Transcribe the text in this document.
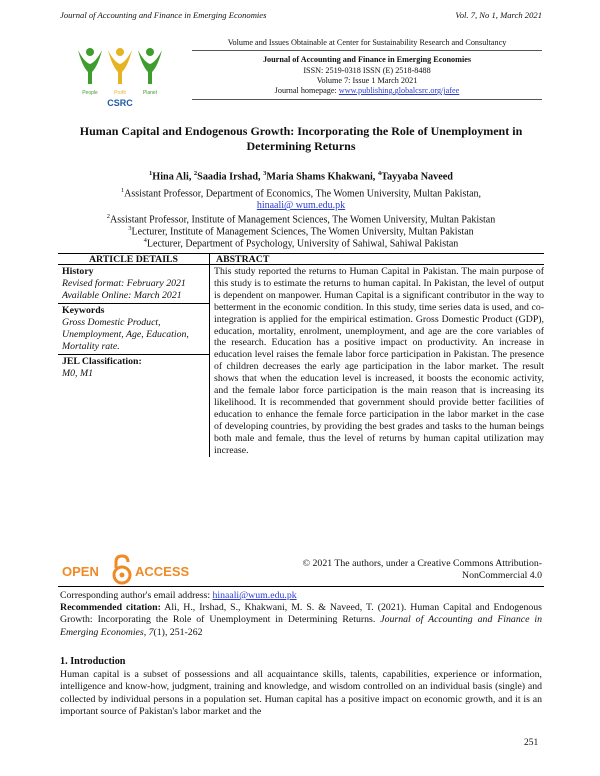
Journal of Accounting and Finance in Emerging Economies	Vol. 7, No 1, March 2021
People	Profit	Planet
CSRC
Volume and Issues Obtainable at Center for Sustainability Research and Consultancy
Journal of Accounting and Finance in Emerging Economies
ISSN: 2519-0318 ISSN (E) 2518-8488
Volume 7: Issue 1 March 2021
Journal homepage: www.publishing.globalcsrc.org/jafee
Human Capital and Endogenous Growth: Incorporating the Role of Unemployment in Determining Returns
$^1$Hina Ali, $^2$Saadia Irshad, $^3$Maria Shams Khakwani, $^4$Tayyaba Naveed
$^1$Assistant Professor, Department of Economics, The Women University, Multan Pakistan,
hinaali@ wum.edu.pk
$^2$Assistant Professor, Institute of Management Sciences, The Women University, Multan Pakistan
$^3$Lecturer, Institute of Management Sciences, The Women University, Multan Pakistan
$^4$Lecturer, Department of Psychology, University of Sahiwal, Sahiwal Pakistan
ARTICLE DETAILS	ABSTRACT
History
Revised format: February 2021
Available Online: March 2021
Keywords
Gross Domestic Product, Unemployment, Age, Education, Mortality rate.
JEL Classification:
M0, M1
This study reported the returns to Human Capital in Pakistan. The main purpose of this study is to estimate the returns to human capital. In Pakistan, the level of output is dependent on manpower. Human Capital is a significant contributor in the way to betterment in the economic condition. In this study, time series data is used, and co-integration is applied for the empirical estimation. Gross Domestic Product (GDP), education, mortality, enrolment, unemployment, and age are the core variables of the research. Education has a positive impact on productivity. An increase in education level raises the female labor force participation in Pakistan. The presence of children decreases the early age participation in the labor market. The result shows that when the education level is increased, it boosts the economic activity, and the female labor force participation is the main reason that is increasing its likelihood. It is recommended that government should provide better facilities of education to enhance the female force participation in the labor market in the case of developing countries, by providing the best grades and tasks to the human beings both male and female, thus the level of returns by human capital utilization may increase.
OPEN	ACCESS
© 2021 The authors, under a Creative Commons Attribution-NonCommercial 4.0
Corresponding author's email address: hinaali@wum.edu.pk
Recommended citation: Ali, H., Irshad, S., Khakwani, M. S. & Naveed, T. (2021). Human Capital and Endogenous Growth: Incorporating the Role of Unemployment in Determining Returns. Journal of Accounting and Finance in Emerging Economies, 7(1), 251-262
1. Introduction
Human capital is a subset of possessions and all acquaintance skills, talents, capabilities, experience or information, intelligence and know-how, judgment, training and knowledge, and wisdom controlled on an individual basis (single) and collected by individual persons in a population set. Human capital has a positive impact on economic growth, and it is an important source of Pakistan's labor market and the
251
